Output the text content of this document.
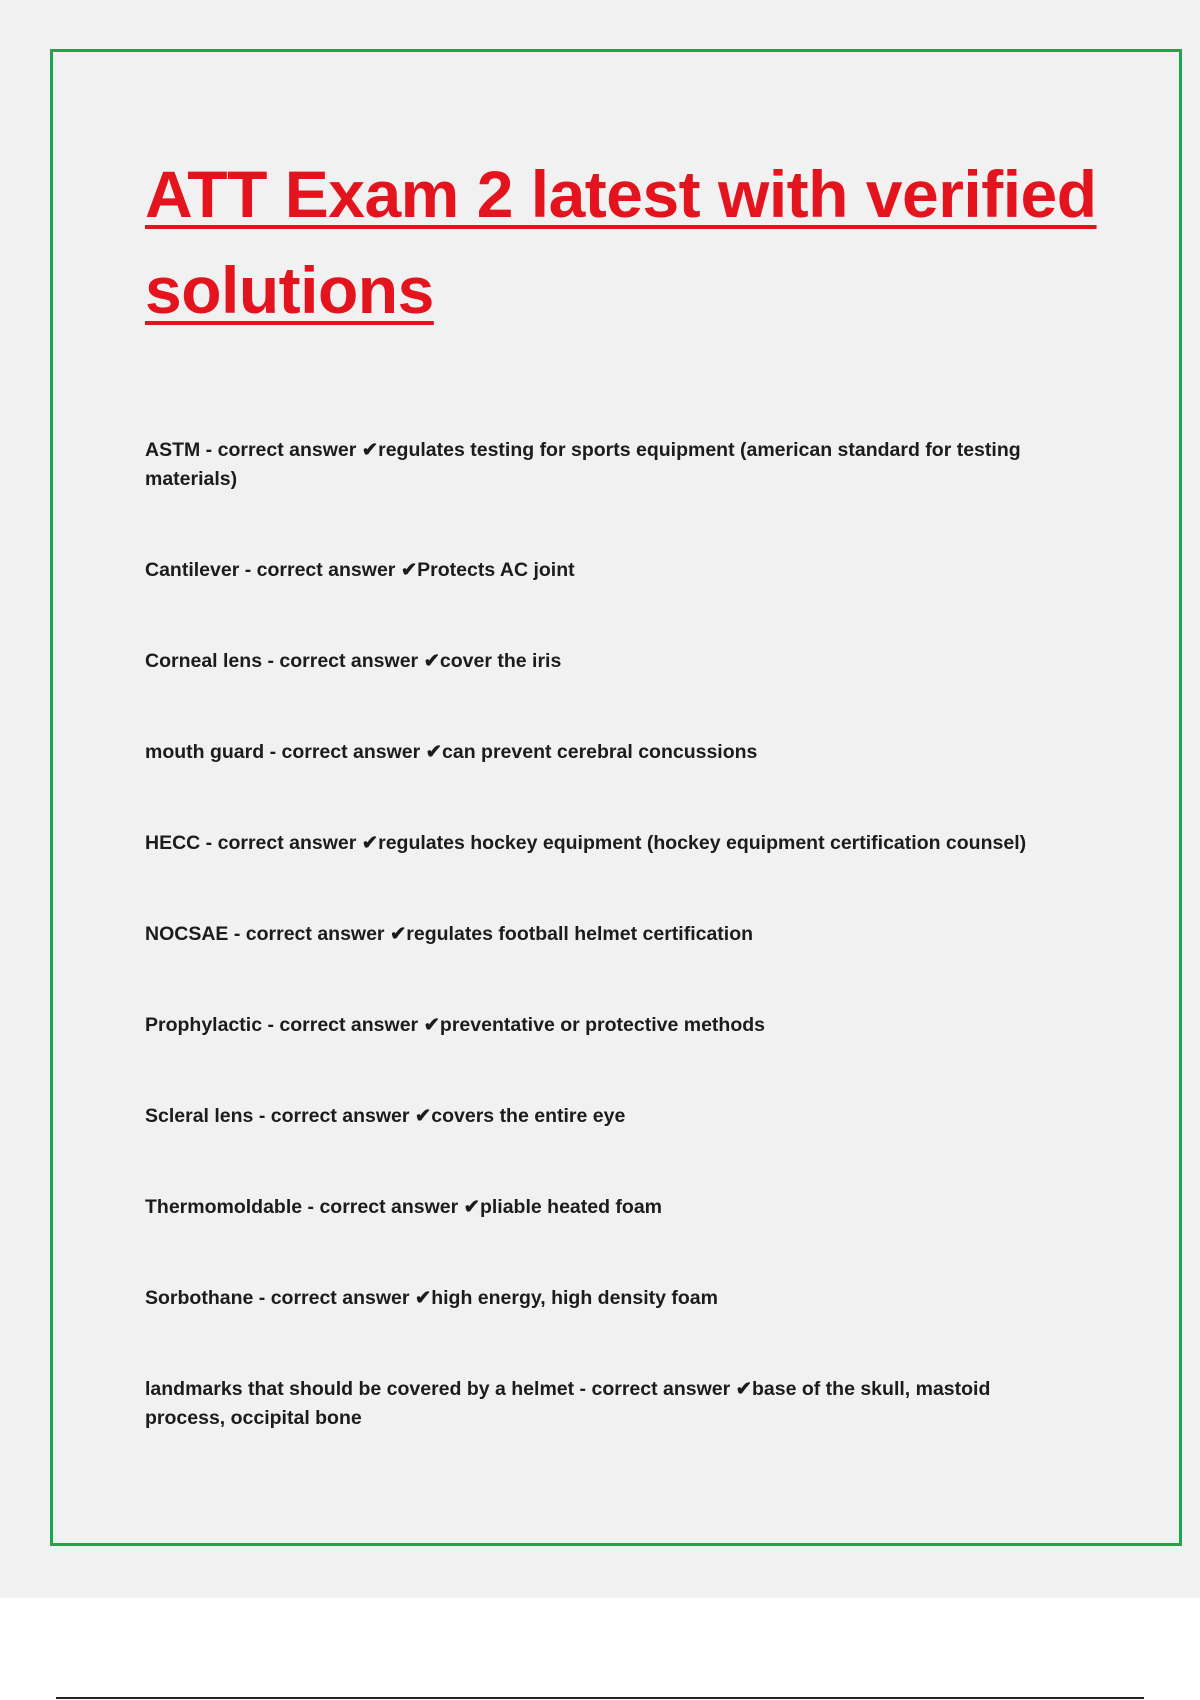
ATT Exam 2 latest with verified solutions
ASTM - correct answer ✔regulates testing for sports equipment (american standard for testing materials)
Cantilever - correct answer ✔Protects AC joint
Corneal lens - correct answer ✔cover the iris
mouth guard - correct answer ✔can prevent cerebral concussions
HECC - correct answer ✔regulates hockey equipment (hockey equipment certification counsel)
NOCSAE - correct answer ✔regulates football helmet certification
Prophylactic - correct answer ✔preventative or protective methods
Scleral lens - correct answer ✔covers the entire eye
Thermomoldable - correct answer ✔pliable heated foam
Sorbothane - correct answer ✔high energy, high density foam
landmarks that should be covered by a helmet - correct answer ✔base of the skull, mastoid process, occipital bone
